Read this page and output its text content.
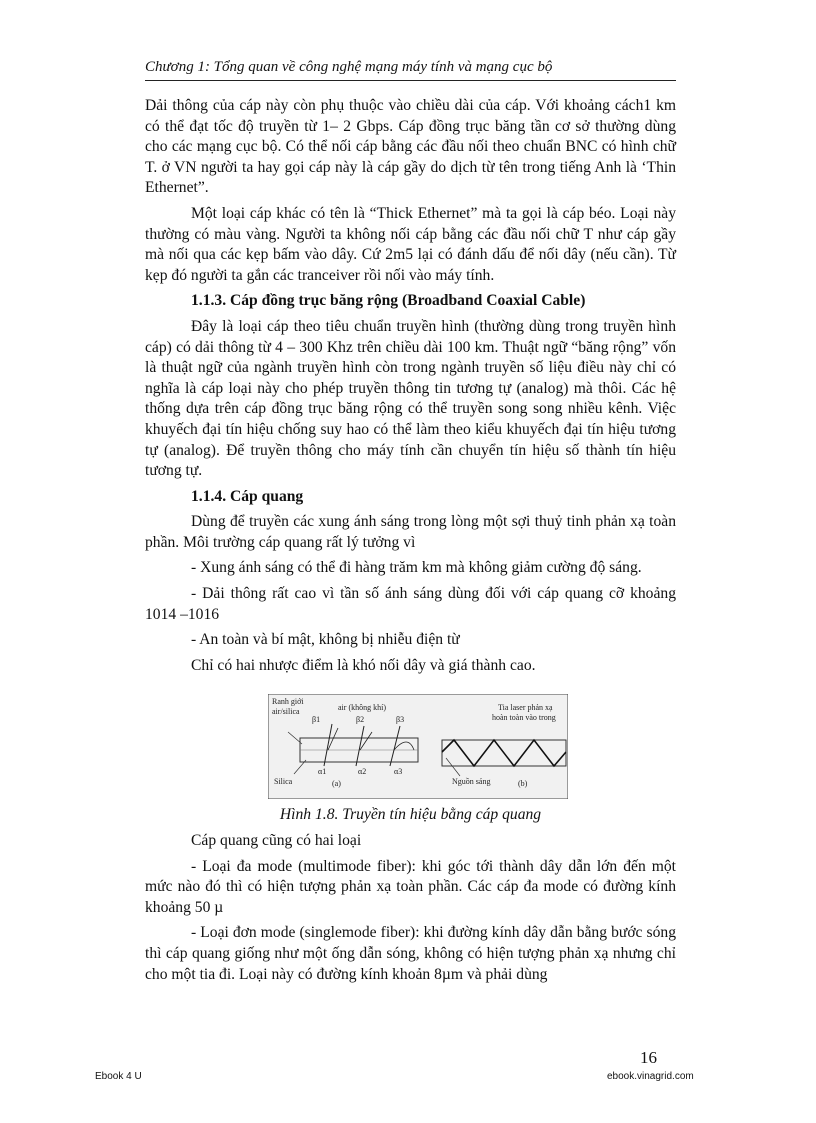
Chương 1: Tổng quan về công nghệ mạng máy tính và mạng cục bộ

Dải thông của cáp này còn phụ thuộc vào chiều dài của cáp. Với khoảng cách1 km có thể đạt tốc độ truyền từ 1– 2 Gbps. Cáp đồng trục băng tần cơ sở thường dùng cho các mạng cục bộ. Có thể nối cáp bằng các đầu nối theo chuẩn BNC có hình chữ T. ở VN người ta hay gọi cáp này là cáp gầy do dịch từ tên trong tiếng Anh là ‘Thin Ethernet”.

Một loại cáp khác có tên là “Thick Ethernet” mà ta gọi là cáp béo. Loại này thường có màu vàng. Người ta không nối cáp bằng các đầu nối chữ T như cáp gầy mà nối qua các kẹp bấm vào dây. Cứ 2m5 lại có đánh dấu để nối dây (nếu cần). Từ kẹp đó người ta gắn các tranceiver rồi nối vào máy tính.

1.1.3. Cáp đồng trục băng rộng (Broadband Coaxial Cable)

Đây là loại cáp theo tiêu chuẩn truyền hình (thường dùng trong truyền hình cáp) có dải thông từ 4 – 300 Khz trên chiều dài 100 km. Thuật ngữ “băng rộng” vốn là thuật ngữ của ngành truyền hình còn trong ngành truyền số liệu điều này chỉ có nghĩa là cáp loại này cho phép truyền thông tin tương tự (analog) mà thôi. Các hệ thống dựa trên cáp đồng trục băng rộng có thể truyền song song nhiều kênh. Việc khuyếch đại tín hiệu chống suy hao có thể làm theo kiểu khuyếch đại tín hiệu tương tự (analog). Để truyền thông cho máy tính cần chuyển tín hiệu số thành tín hiệu tương tự.

1.1.4. Cáp quang

Dùng để truyền các xung ánh sáng trong lòng một sợi thuỷ tinh phản xạ toàn phần. Môi trường cáp quang rất lý tưởng vì

- Xung ánh sáng có thể đi hàng trăm km mà không giảm cường độ sáng.

- Dải thông rất cao vì tần số ánh sáng dùng đối với cáp quang cỡ khoảng 1014 –1016

- An toàn và bí mật, không bị nhiễu điện từ

Chỉ có hai nhược điểm là khó nối dây và giá thành cao.

Ranh giới
air/silica	air (không khí)
β1	β2	β3
α1	α2	α3
Silica	(a)
Tia laser phản xạ
hoàn toàn vào trong
Nguồn sáng	(b)

Hình 1.8. Truyền tín hiệu bằng cáp quang

Cáp quang cũng có hai loại

- Loại đa mode (multimode fiber): khi góc tới thành dây dẫn lớn đến một mức nào đó thì có hiện tượng phản xạ toàn phần. Các cáp đa mode có đường kính khoảng 50 µ

- Loại đơn mode (singlemode fiber): khi đường kính dây dẫn bằng bước sóng thì cáp quang giống như một ống dẫn sóng, không có hiện tượng phản xạ nhưng chỉ cho một tia đi. Loại này có đường kính khoản 8µm và phải dùng

16
Ebook 4 U	ebook.vinagrid.com
